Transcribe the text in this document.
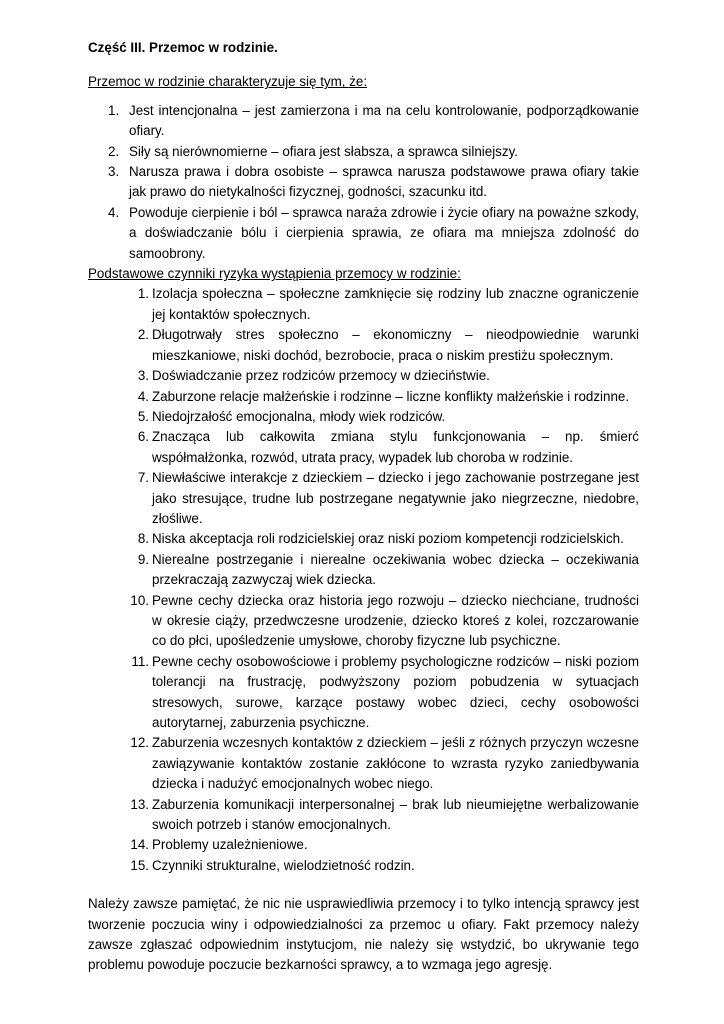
Część III. Przemoc w rodzinie.

Przemoc w rodzinie charakteryzuje się tym, że:

1. Jest intencjonalna – jest zamierzona i ma na celu kontrolowanie, podporządkowanie ofiary.
2. Siły są nierównomierne – ofiara jest słabsza, a sprawca silniejszy.
3. Narusza prawa i dobra osobiste – sprawca narusza podstawowe prawa ofiary takie jak prawo do nietykalności fizycznej, godności, szacunku itd.
4. Powoduje cierpienie i ból – sprawca naraża zdrowie i życie ofiary na poważne szkody, a doświadczanie bólu i cierpienia sprawia, ze ofiara ma mniejsza zdolność do samoobrony.

Podstawowe czynniki ryzyka wystąpienia przemocy w rodzinie:

1. Izolacja społeczna – społeczne zamknięcie się rodziny lub znaczne ograniczenie jej kontaktów społecznych.
2. Długotrwały stres społeczno – ekonomiczny – nieodpowiednie warunki mieszkaniowe, niski dochód, bezrobocie, praca o niskim prestiżu społecznym.
3. Doświadczanie przez rodziców przemocy w dzieciństwie.
4. Zaburzone relacje małżeńskie i rodzinne – liczne konflikty małżeńskie i rodzinne.
5. Niedojrzałość emocjonalna, młody wiek rodziców.
6. Znacząca lub całkowita zmiana stylu funkcjonowania – np. śmierć współmałżonka, rozwód, utrata pracy, wypadek lub choroba w rodzinie.
7. Niewłaściwe interakcje z dzieckiem – dziecko i jego zachowanie postrzegane jest jako stresujące, trudne lub postrzegane negatywnie jako niegrzeczne, niedobre, złośliwe.
8. Niska akceptacja roli rodzicielskiej oraz niski poziom kompetencji rodzicielskich.
9. Nierealne postrzeganie i nierealne oczekiwania wobec dziecka – oczekiwania przekraczają zazwyczaj wiek dziecka.
10. Pewne cechy dziecka oraz historia jego rozwoju – dziecko niechciane, trudności w okresie ciąży, przedwczesne urodzenie, dziecko ktoreś z kolei, rozczarowanie co do płci, upośledzenie umysłowe, choroby fizyczne lub psychiczne.
11. Pewne cechy osobowościowe i problemy psychologiczne rodziców – niski poziom tolerancji na frustrację, podwyższony poziom pobudzenia w sytuacjach stresowych, surowe, karzące postawy wobec dzieci, cechy osobowości autorytarnej, zaburzenia psychiczne.
12. Zaburzenia wczesnych kontaktów z dzieckiem – jeśli z różnych przyczyn wczesne zawiązywanie kontaktów zostanie zakłócone to wzrasta ryzyko zaniedbywania dziecka i nadużyć emocjonalnych wobec niego.
13. Zaburzenia komunikacji interpersonalnej – brak lub nieumiejętne werbalizowanie swoich potrzeb i stanów emocjonalnych.
14. Problemy uzależnieniowe.
15. Czynniki strukturalne, wielodzietność rodzin.

Należy zawsze pamiętać, że nic nie usprawiedliwia przemocy i to tylko intencją sprawcy jest tworzenie poczucia winy i odpowiedzialności za przemoc u ofiary. Fakt przemocy należy zawsze zgłaszać odpowiednim instytucjom, nie należy się wstydzić, bo ukrywanie tego problemu powoduje poczucie bezkarności sprawcy, a to wzmaga jego agresję.
